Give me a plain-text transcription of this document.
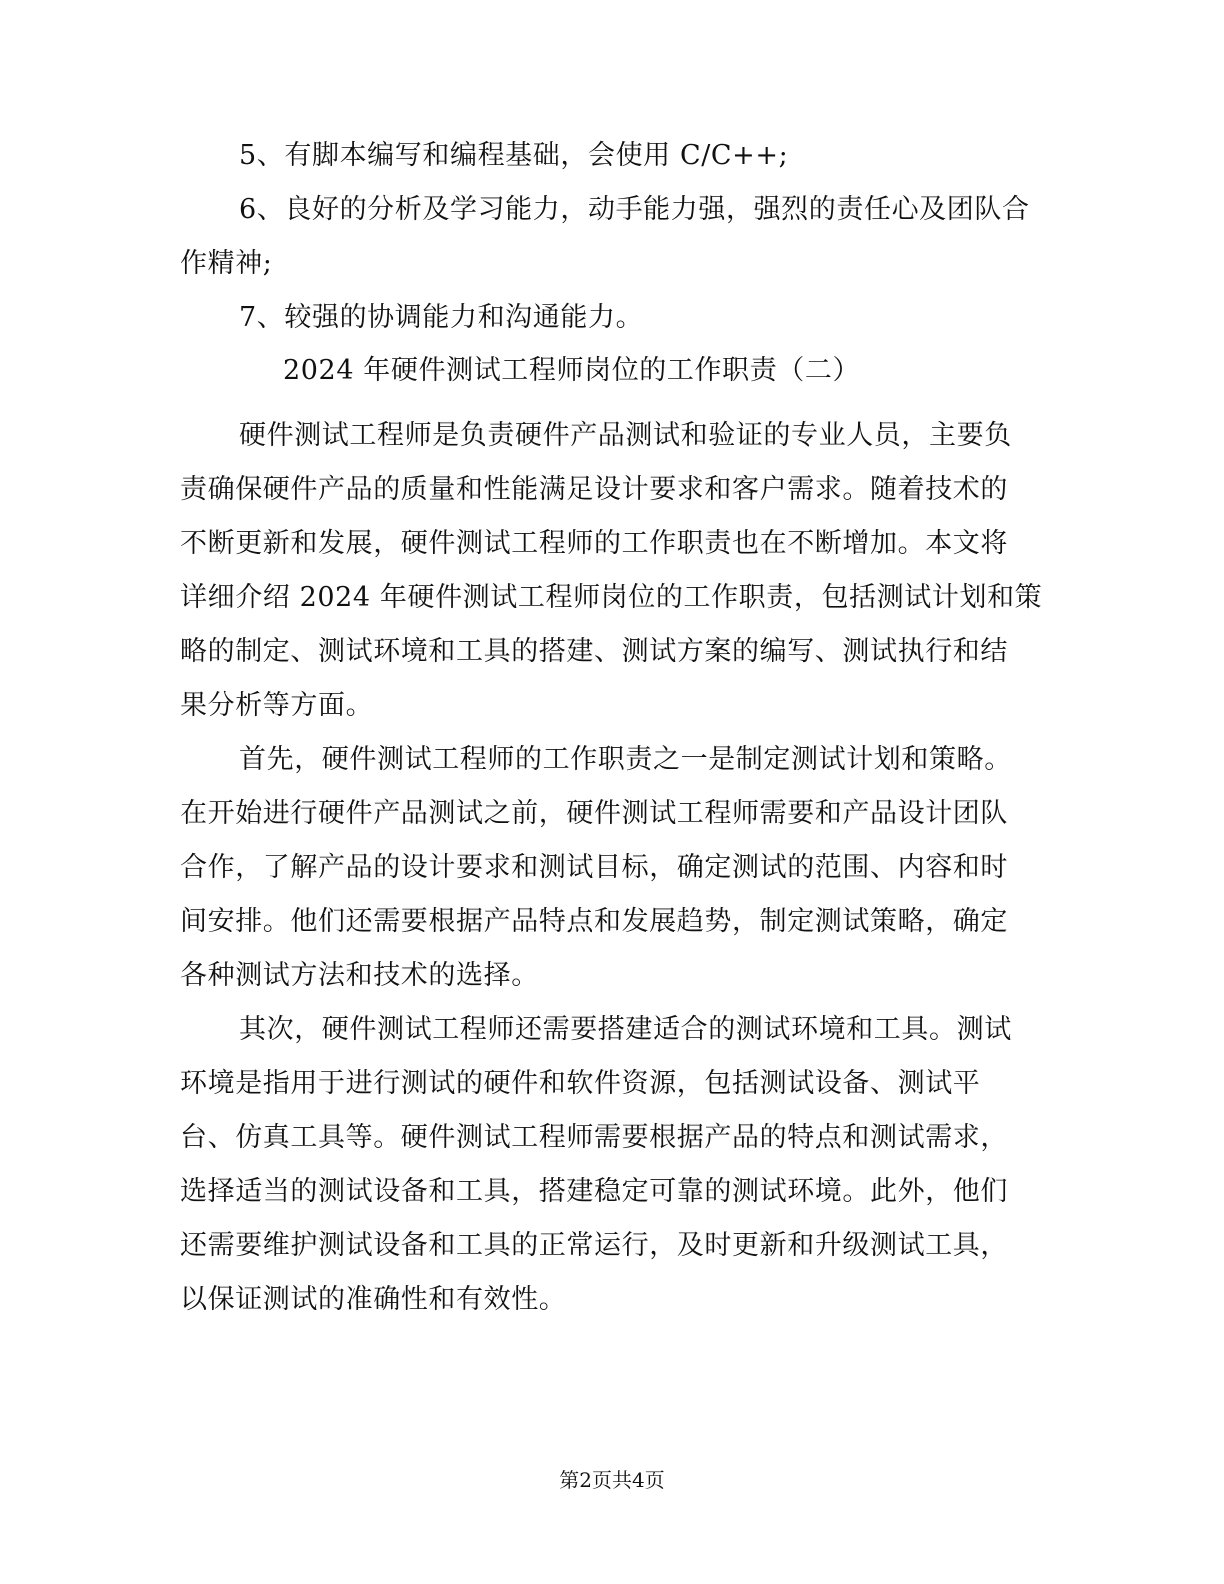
5、有脚本编写和编程基础，会使用 C/C++;

6、良好的分析及学习能力，动手能力强，强烈的责任心及团队合

作精神;

7、较强的协调能力和沟通能力。

2024 年硬件测试工程师岗位的工作职责（二）

硬件测试工程师是负责硬件产品测试和验证的专业人员，主要负

责确保硬件产品的质量和性能满足设计要求和客户需求。随着技术的

不断更新和发展，硬件测试工程师的工作职责也在不断增加。本文将

详细介绍 2024 年硬件测试工程师岗位的工作职责，包括测试计划和策

略的制定、测试环境和工具的搭建、测试方案的编写、测试执行和结

果分析等方面。

首先，硬件测试工程师的工作职责之一是制定测试计划和策略。

在开始进行硬件产品测试之前，硬件测试工程师需要和产品设计团队

合作，了解产品的设计要求和测试目标，确定测试的范围、内容和时

间安排。他们还需要根据产品特点和发展趋势，制定测试策略，确定

各种测试方法和技术的选择。

其次，硬件测试工程师还需要搭建适合的测试环境和工具。测试

环境是指用于进行测试的硬件和软件资源，包括测试设备、测试平

台、仿真工具等。硬件测试工程师需要根据产品的特点和测试需求，

选择适当的测试设备和工具，搭建稳定可靠的测试环境。此外，他们

还需要维护测试设备和工具的正常运行，及时更新和升级测试工具，

以保证测试的准确性和有效性。

第2页共4页
